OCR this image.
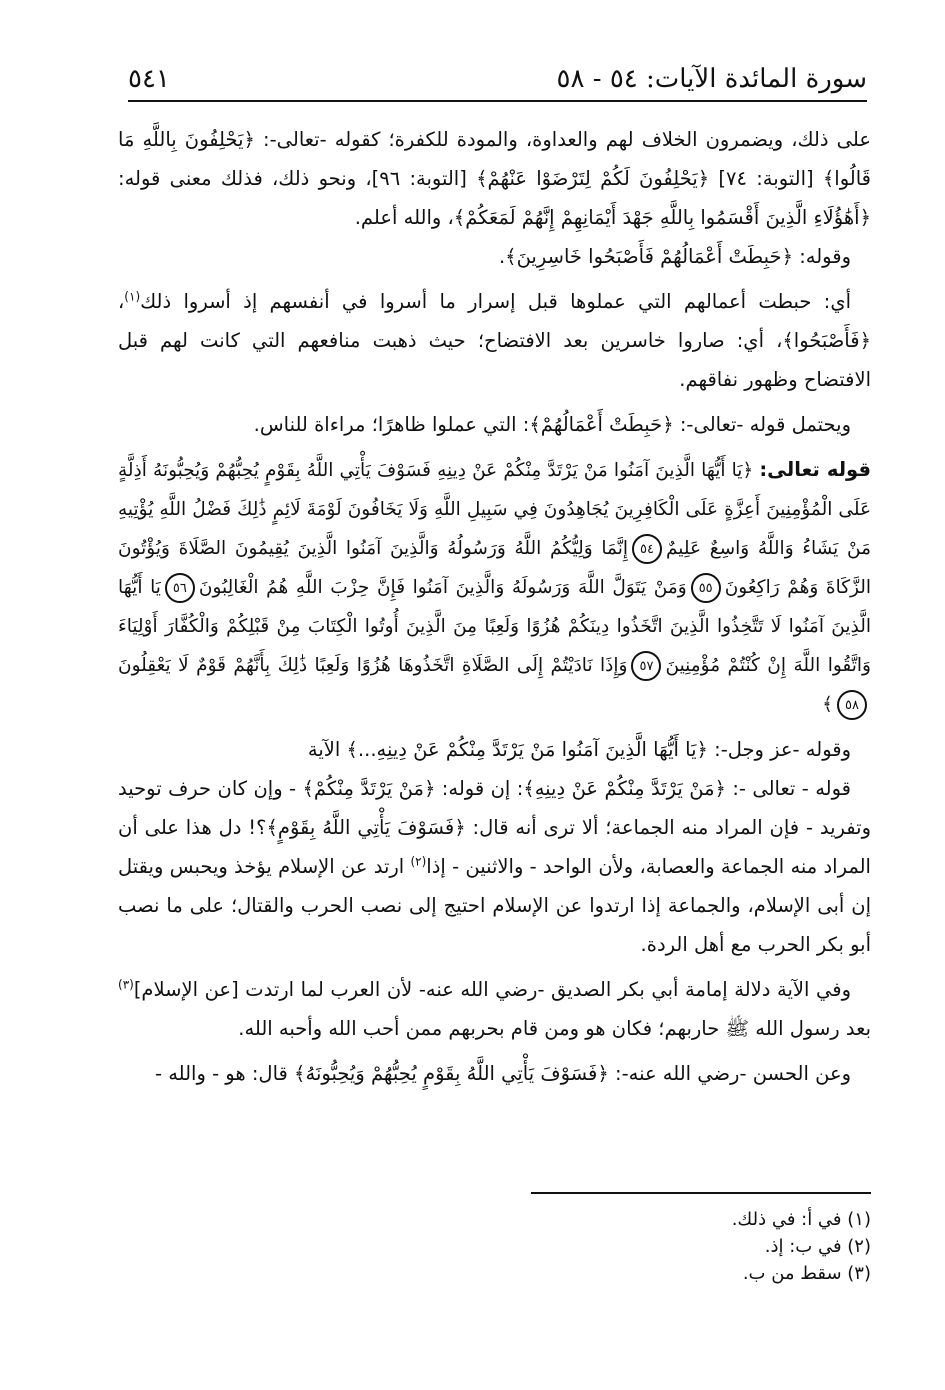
سورة المائدة الآيات: ٥٤ - ٥٨
٥٤١

على ذلك، ويضمرون الخلاف لهم والعداوة، والمودة للكفرة؛ كقوله -تعالى-: ﴿يَحْلِفُونَ بِاللَّهِ مَا قَالُوا﴾ [التوبة: ٧٤] ﴿يَحْلِفُونَ لَكُمْ لِتَرْضَوْا عَنْهُمْ﴾ [التوبة: ٩٦]، ونحو ذلك، فذلك معنى قوله: ﴿أَهَٰؤُلَاءِ الَّذِينَ أَقْسَمُوا بِاللَّهِ جَهْدَ أَيْمَانِهِمْ إِنَّهُمْ لَمَعَكُمْ﴾، والله أعلم.

وقوله: ﴿حَبِطَتْ أَعْمَالُهُمْ فَأَصْبَحُوا خَاسِرِينَ﴾.

أي: حبطت أعمالهم التي عملوها قبل إسرار ما أسروا في أنفسهم إذ أسروا ذلك$^{(١)}$، ﴿فَأَصْبَحُوا﴾، أي: صاروا خاسرين بعد الافتضاح؛ حيث ذهبت منافعهم التي كانت لهم قبل الافتضاح وظهور نفاقهم.

ويحتمل قوله -تعالى-: ﴿حَبِطَتْ أَعْمَالُهُمْ﴾: التي عملوا ظاهرًا؛ مراءاة للناس.

قوله تعالى: ﴿يَا أَيُّهَا الَّذِينَ آمَنُوا مَنْ يَرْتَدَّ مِنْكُمْ عَنْ دِينِهِ فَسَوْفَ يَأْتِي اللَّهُ بِقَوْمٍ يُحِبُّهُمْ وَيُحِبُّونَهُ أَذِلَّةٍ عَلَى الْمُؤْمِنِينَ أَعِزَّةٍ عَلَى الْكَافِرِينَ يُجَاهِدُونَ فِي سَبِيلِ اللَّهِ وَلَا يَخَافُونَ لَوْمَةَ لَائِمٍ ذَٰلِكَ فَضْلُ اللَّهِ يُؤْتِيهِ مَنْ يَشَاءُ وَاللَّهُ وَاسِعٌ عَلِيمٌ٥٤إِنَّمَا وَلِيُّكُمُ اللَّهُ وَرَسُولُهُ وَالَّذِينَ آمَنُوا الَّذِينَ يُقِيمُونَ الصَّلَاةَ وَيُؤْتُونَ الزَّكَاةَ وَهُمْ رَاكِعُونَ٥٥وَمَنْ يَتَوَلَّ اللَّهَ وَرَسُولَهُ وَالَّذِينَ آمَنُوا فَإِنَّ حِزْبَ اللَّهِ هُمُ الْغَالِبُونَ٥٦يَا أَيُّهَا الَّذِينَ آمَنُوا لَا تَتَّخِذُوا الَّذِينَ اتَّخَذُوا دِينَكُمْ هُزُوًا وَلَعِبًا مِنَ الَّذِينَ أُوتُوا الْكِتَابَ مِنْ قَبْلِكُمْ وَالْكُفَّارَ أَوْلِيَاءَ وَاتَّقُوا اللَّهَ إِنْ كُنْتُمْ مُؤْمِنِينَ٥٧وَإِذَا نَادَيْتُمْ إِلَى الصَّلَاةِ اتَّخَذُوهَا هُزُوًا وَلَعِبًا ذَٰلِكَ بِأَنَّهُمْ قَوْمٌ لَا يَعْقِلُونَ٥٨﴾

وقوله -عز وجل-: ﴿يَا أَيُّهَا الَّذِينَ آمَنُوا مَنْ يَرْتَدَّ مِنْكُمْ عَنْ دِينِهِ...﴾ الآية

قوله - تعالى -: ﴿مَنْ يَرْتَدَّ مِنْكُمْ عَنْ دِينِهِ﴾: إن قوله: ﴿مَنْ يَرْتَدَّ مِنْكُمْ﴾ - وإن كان حرف توحيد وتفريد - فإن المراد منه الجماعة؛ ألا ترى أنه قال: ﴿فَسَوْفَ يَأْتِي اللَّهُ بِقَوْمٍ﴾؟! دل هذا على أن المراد منه الجماعة والعصابة، ولأن الواحد - والاثنين - إذا$^{(٢)}$ ارتد عن الإسلام يؤخذ ويحبس ويقتل إن أبى الإسلام، والجماعة إذا ارتدوا عن الإسلام احتيج إلى نصب الحرب والقتال؛ على ما نصب أبو بكر الحرب مع أهل الردة.

وفي الآية دلالة إمامة أبي بكر الصديق -رضي الله عنه- لأن العرب لما ارتدت [عن الإسلام]$^{(٣)}$ بعد رسول الله ﷺ حاربهم؛ فكان هو ومن قام بحربهم ممن أحب الله وأحبه الله.

وعن الحسن -رضي الله عنه-: ﴿فَسَوْفَ يَأْتِي اللَّهُ بِقَوْمٍ يُحِبُّهُمْ وَيُحِبُّونَهُ﴾ قال: هو - والله -

(١) في أ: في ذلك.
(٢) في ب: إذ.
(٣) سقط من ب.
